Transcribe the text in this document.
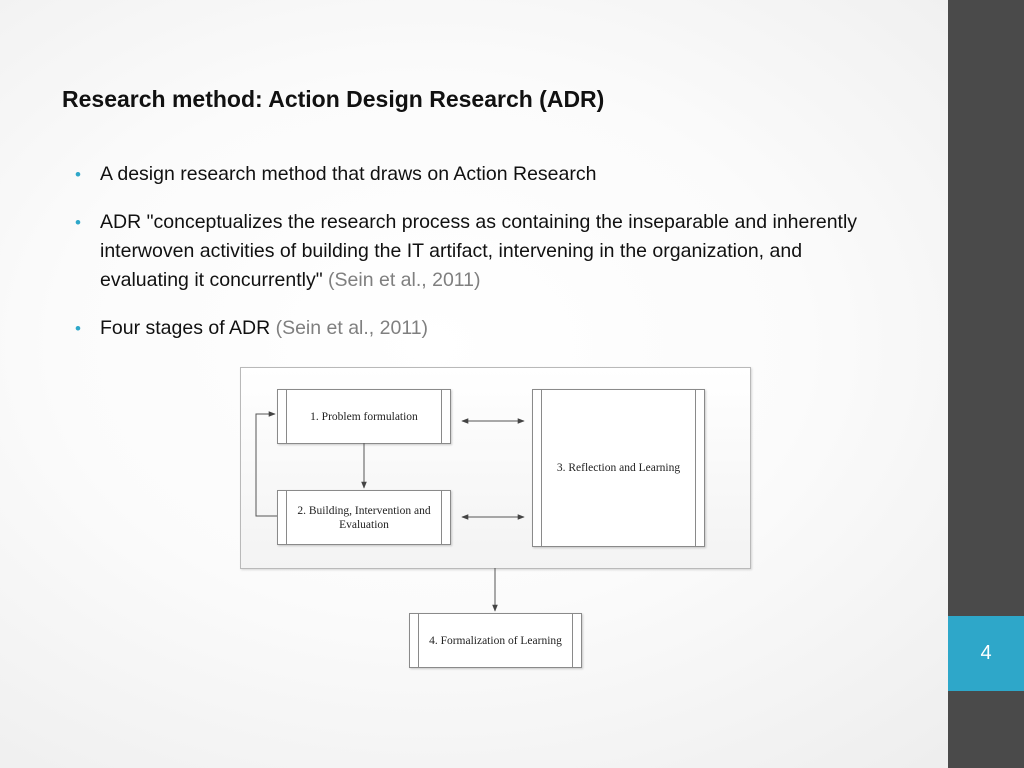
Research method: Action Design Research (ADR)
• A design research method that draws on Action Research
• ADR "conceptualizes the research process as containing the inseparable and inherently interwoven activities of building the IT artifact, intervening in the organization, and evaluating it concurrently" (Sein et al., 2011)
• Four stages of ADR (Sein et al., 2011)
1. Problem formulation
2. Building, Intervention and Evaluation
3. Reflection and Learning
4. Formalization of Learning
4
